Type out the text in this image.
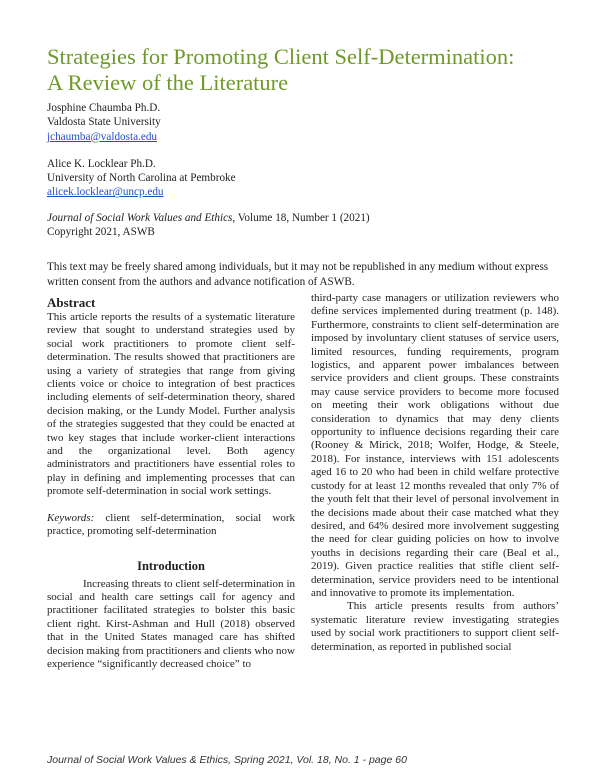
Strategies for Promoting Client Self-Determination:
A Review of the Literature
Josphine Chaumba Ph.D.
Valdosta State University
jchaumba@valdosta.edu
Alice K. Locklear Ph.D.
University of North Carolina at Pembroke
alicek.locklear@uncp.edu
Journal of Social Work Values and Ethics, Volume 18, Number 1 (2021)
Copyright 2021, ASWB

This text may be freely shared among individuals, but it may not be republished in any medium without express written consent from the authors and advance notification of ASWB.

Abstract

This article reports the results of a systematic literature review that sought to understand strategies used by social work practitioners to promote client self-determination. The results showed that practitioners are using a variety of strategies that range from giving clients voice or choice to integration of best practices including elements of self-determination theory, shared decision making, or the Lundy Model. Further analysis of the strategies suggested that they could be enacted at two key stages that include worker-client interactions and the organizational level. Both agency administrators and practitioners have essential roles to play in defining and implementing processes that can promote self-determination in social work settings.

Keywords: client self-determination, social work practice, promoting self-determination

Introduction

Increasing threats to client self-determination in social and health care settings call for agency and practitioner facilitated strategies to bolster this basic client right. Kirst-Ashman and Hull (2018) observed that in the United States managed care has shifted decision making from practitioners and clients who now experience “significantly decreased choice” to

third-party case managers or utilization reviewers who define services implemented during treatment (p. 148). Furthermore, constraints to client self-determination are imposed by involuntary client statuses of service users, limited resources, funding requirements, program logistics, and apparent power imbalances between service providers and client groups. These constraints may cause service providers to become more focused on meeting their work obligations without due consideration to dynamics that may deny clients opportunity to influence decisions regarding their care (Rooney & Mirick, 2018; Wolfer, Hodge, & Steele, 2018). For instance, interviews with 151 adolescents aged 16 to 20 who had been in child welfare protective custody for at least 12 months revealed that only 7% of the youth felt that their level of personal involvement in the decisions made about their case matched what they desired, and 64% desired more involvement suggesting the need for clear guiding policies on how to involve youths in decisions regarding their care (Beal et al., 2019). Given practice realities that stifle client self-determination, service providers need to be intentional and innovative to promote its implementation.

This article presents results from authors’ systematic literature review investigating strategies used by social work practitioners to support client self-determination, as reported in published social

Journal of Social Work Values & Ethics, Spring 2021, Vol. 18, No. 1 - page 60
